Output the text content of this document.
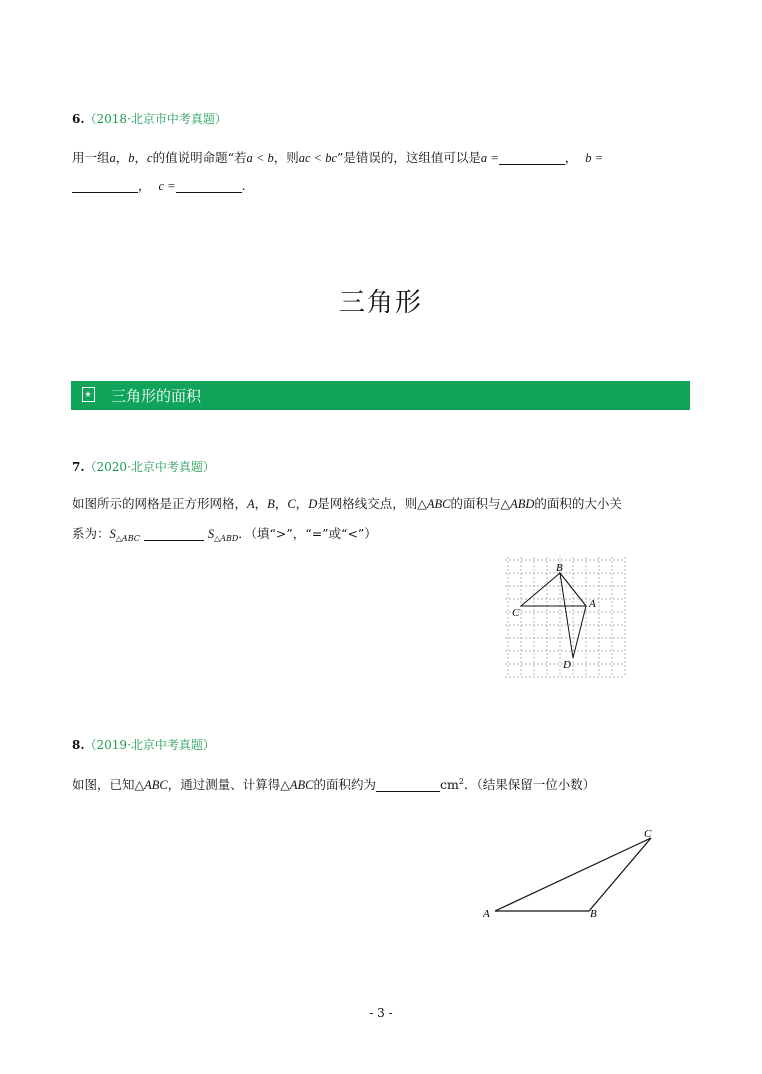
6.（2018·北京市中考真题）
用一组a，b，c的值说明命题“若a < b，则ac < bc”是错误的，这组值可以是a =	， b =
， c =	.
三角形
三角形的面积
7.（2020·北京中考真题）
如图所示的网格是正方形网格，A，B，C，D是网格线交点，则△ABC的面积与△ABD的面积的大小关
系为：$S_{\triangle ABC}$	$S_{\triangle ABD}$．（填“>”，“=”或“<”）
B
C
A
D
8.（2019·北京中考真题）
如图，已知△ABC，通过测量、计算得△ABC的面积约为	$cm^2$．（结果保留一位小数）
A	B
C
- 3 -
